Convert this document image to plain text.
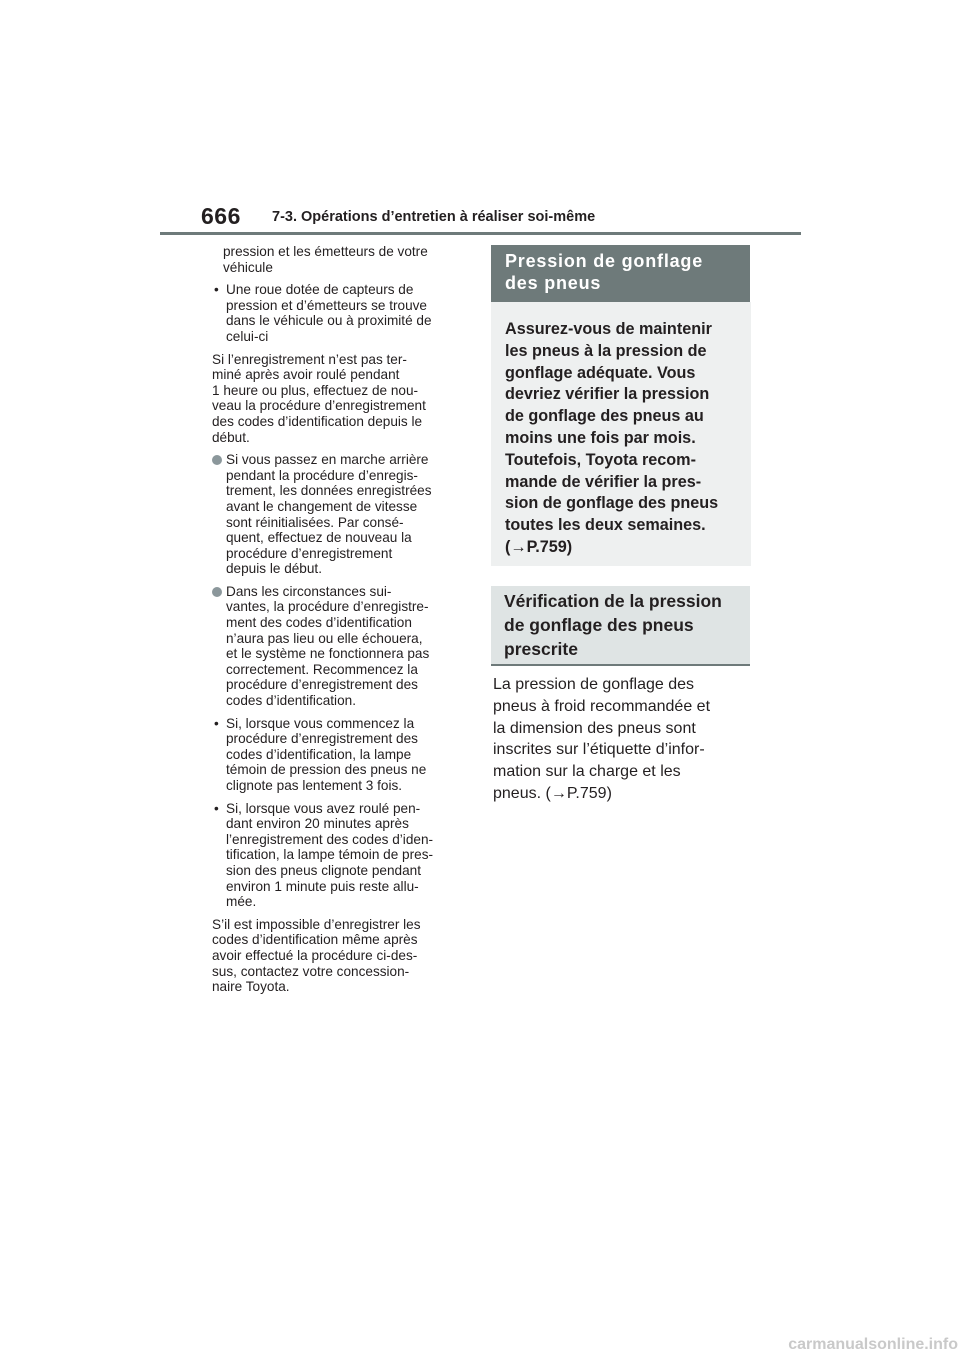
666 7-3. Opérations d’entretien à réaliser soi-même

pression et les émetteurs de votre

véhicule

• Une roue dotée de capteurs de

pression et d’émetteurs se trouve

dans le véhicule ou à proximité de

celui-ci

Si l’enregistrement n’est pas ter-

miné après avoir roulé pendant

1 heure ou plus, effectuez de nou-

veau la procédure d’enregistrement

des codes d’identification depuis le

début.

Si vous passez en marche arrière

pendant la procédure d’enregis-

trement, les données enregistrées

avant le changement de vitesse

sont réinitialisées. Par consé-

quent, effectuez de nouveau la

procédure d’enregistrement

depuis le début.

Dans les circonstances sui-

vantes, la procédure d’enregistre-

ment des codes d’identification

n’aura pas lieu ou elle échouera,

et le système ne fonctionnera pas

correctement. Recommencez la

procédure d’enregistrement des

codes d’identification.

• Si, lorsque vous commencez la

procédure d’enregistrement des

codes d’identification, la lampe

témoin de pression des pneus ne

clignote pas lentement 3 fois.

• Si, lorsque vous avez roulé pen-

dant environ 20 minutes après

l’enregistrement des codes d’iden-

tification, la lampe témoin de pres-

sion des pneus clignote pendant

environ 1 minute puis reste allu-

mée.

S’il est impossible d’enregistrer les

codes d’identification même après

avoir effectué la procédure ci-des-

sus, contactez votre concession-

naire Toyota.

Pression de gonflage

des pneus

Assurez-vous de maintenir

les pneus à la pression de

gonflage adéquate. Vous

devriez vérifier la pression

de gonflage des pneus au

moins une fois par mois.

Toutefois, Toyota recom-

mande de vérifier la pres-

sion de gonflage des pneus

toutes les deux semaines.

(→P.759)

Vérification de la pression

de gonflage des pneus

prescrite

La pression de gonflage des

pneus à froid recommandée et

la dimension des pneus sont

inscrites sur l’étiquette d’infor-

mation sur la charge et les

pneus. (→P.759)

carmanualsonline.info
